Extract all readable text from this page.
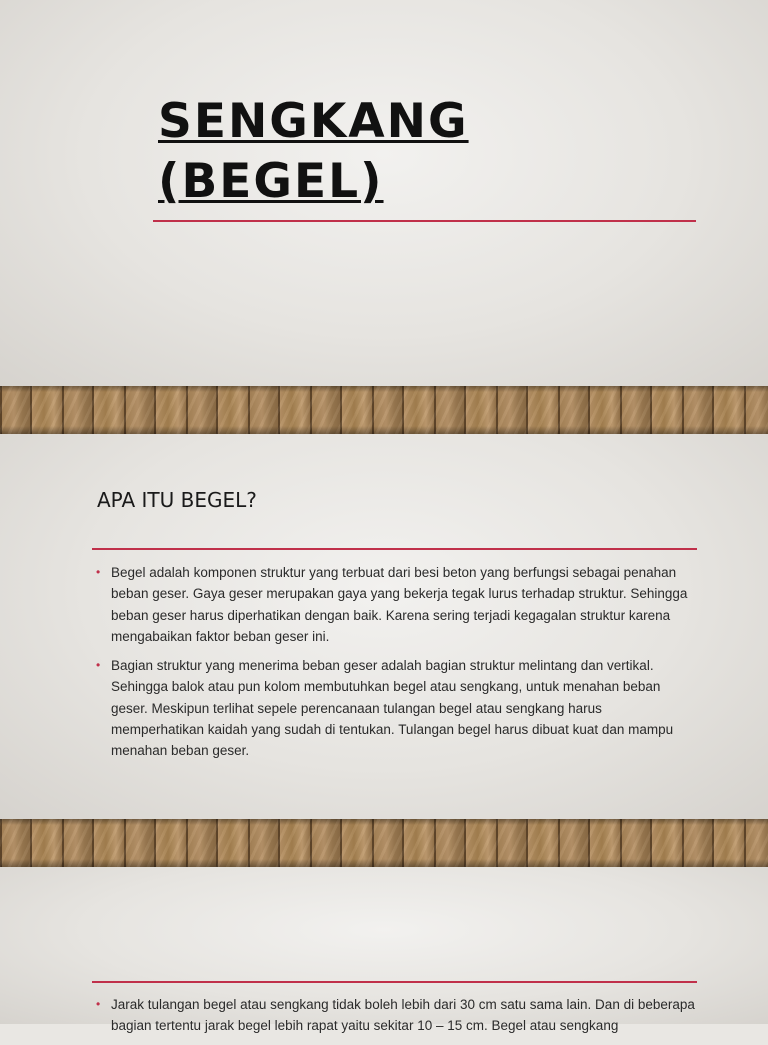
SENGKANG
(BEGEL)
APA ITU BEGEL?
• Begel adalah komponen struktur yang terbuat dari besi beton yang berfungsi sebagai penahan beban geser. Gaya geser merupakan gaya yang bekerja tegak lurus terhadap struktur. Sehingga beban geser harus diperhatikan dengan baik. Karena sering terjadi kegagalan struktur karena mengabaikan faktor beban geser ini.
• Bagian struktur yang menerima beban geser adalah bagian struktur melintang dan vertikal. Sehingga balok atau pun kolom membutuhkan begel atau sengkang, untuk menahan beban geser. Meskipun terlihat sepele perencanaan tulangan begel atau sengkang harus memperhatikan kaidah yang sudah di tentukan. Tulangan begel harus dibuat kuat dan mampu menahan beban geser.
• Jarak tulangan begel atau sengkang tidak boleh lebih dari 30 cm satu sama lain. Dan di beberapa bagian tertentu jarak begel lebih rapat yaitu sekitar 10 – 15 cm. Begel atau sengkang
